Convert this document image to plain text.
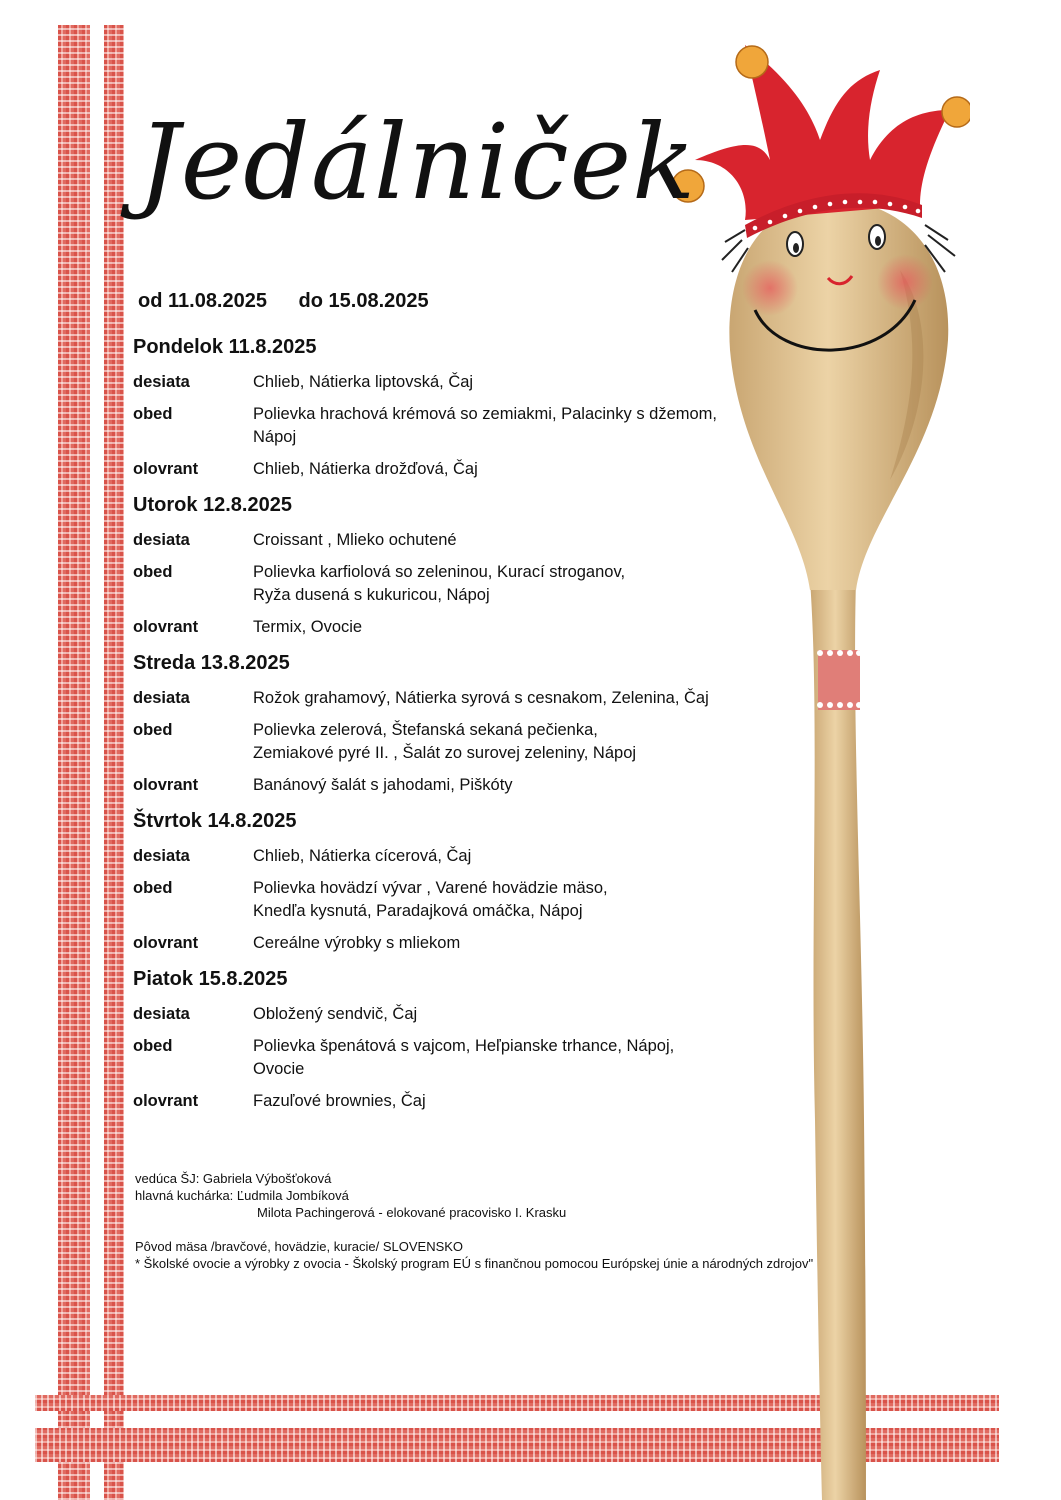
Jedálniček
od 11.08.2025 do 15.08.2025
Pondelok 11.8.2025
desiata	Chlieb, Nátierka liptovská, Čaj
obed	Polievka hrachová krémová so zemiakmi, Palacinky s džemom,
Nápoj
olovrant	Chlieb, Nátierka drožďová, Čaj
Utorok 12.8.2025
desiata	Croissant , Mlieko ochutené
obed	Polievka karfiolová so zeleninou, Kurací stroganov,
Ryža dusená s kukuricou, Nápoj
olovrant	Termix, Ovocie
Streda 13.8.2025
desiata	Rožok grahamový, Nátierka syrová s cesnakom, Zelenina, Čaj
obed	Polievka zelerová, Štefanská sekaná pečienka,
Zemiakové pyré II. , Šalát zo surovej zeleniny, Nápoj
olovrant	Banánový šalát s jahodami, Piškóty
Štvrtok 14.8.2025
desiata	Chlieb, Nátierka cícerová, Čaj
obed	Polievka hovädzí vývar , Varené hovädzie mäso,
Knedľa kysnutá, Paradajková omáčka, Nápoj
olovrant	Cereálne výrobky s mliekom
Piatok 15.8.2025
desiata	Obložený sendvič, Čaj
obed	Polievka špenátová s vajcom, Heľpianske trhance, Nápoj,
Ovocie
olovrant	Fazuľové brownies, Čaj
vedúca ŠJ: Gabriela Výbošťoková
hlavná kuchárka: Ľudmila Jombíková
Milota Pachingerová - elokované pracovisko I. Krasku
Pôvod mäsa /bravčové, hovädzie, kuracie/ SLOVENSKO
* Školské ovocie a výrobky z ovocia - Školský program EÚ s finančnou pomocou Európskej únie a národných zdrojov"
